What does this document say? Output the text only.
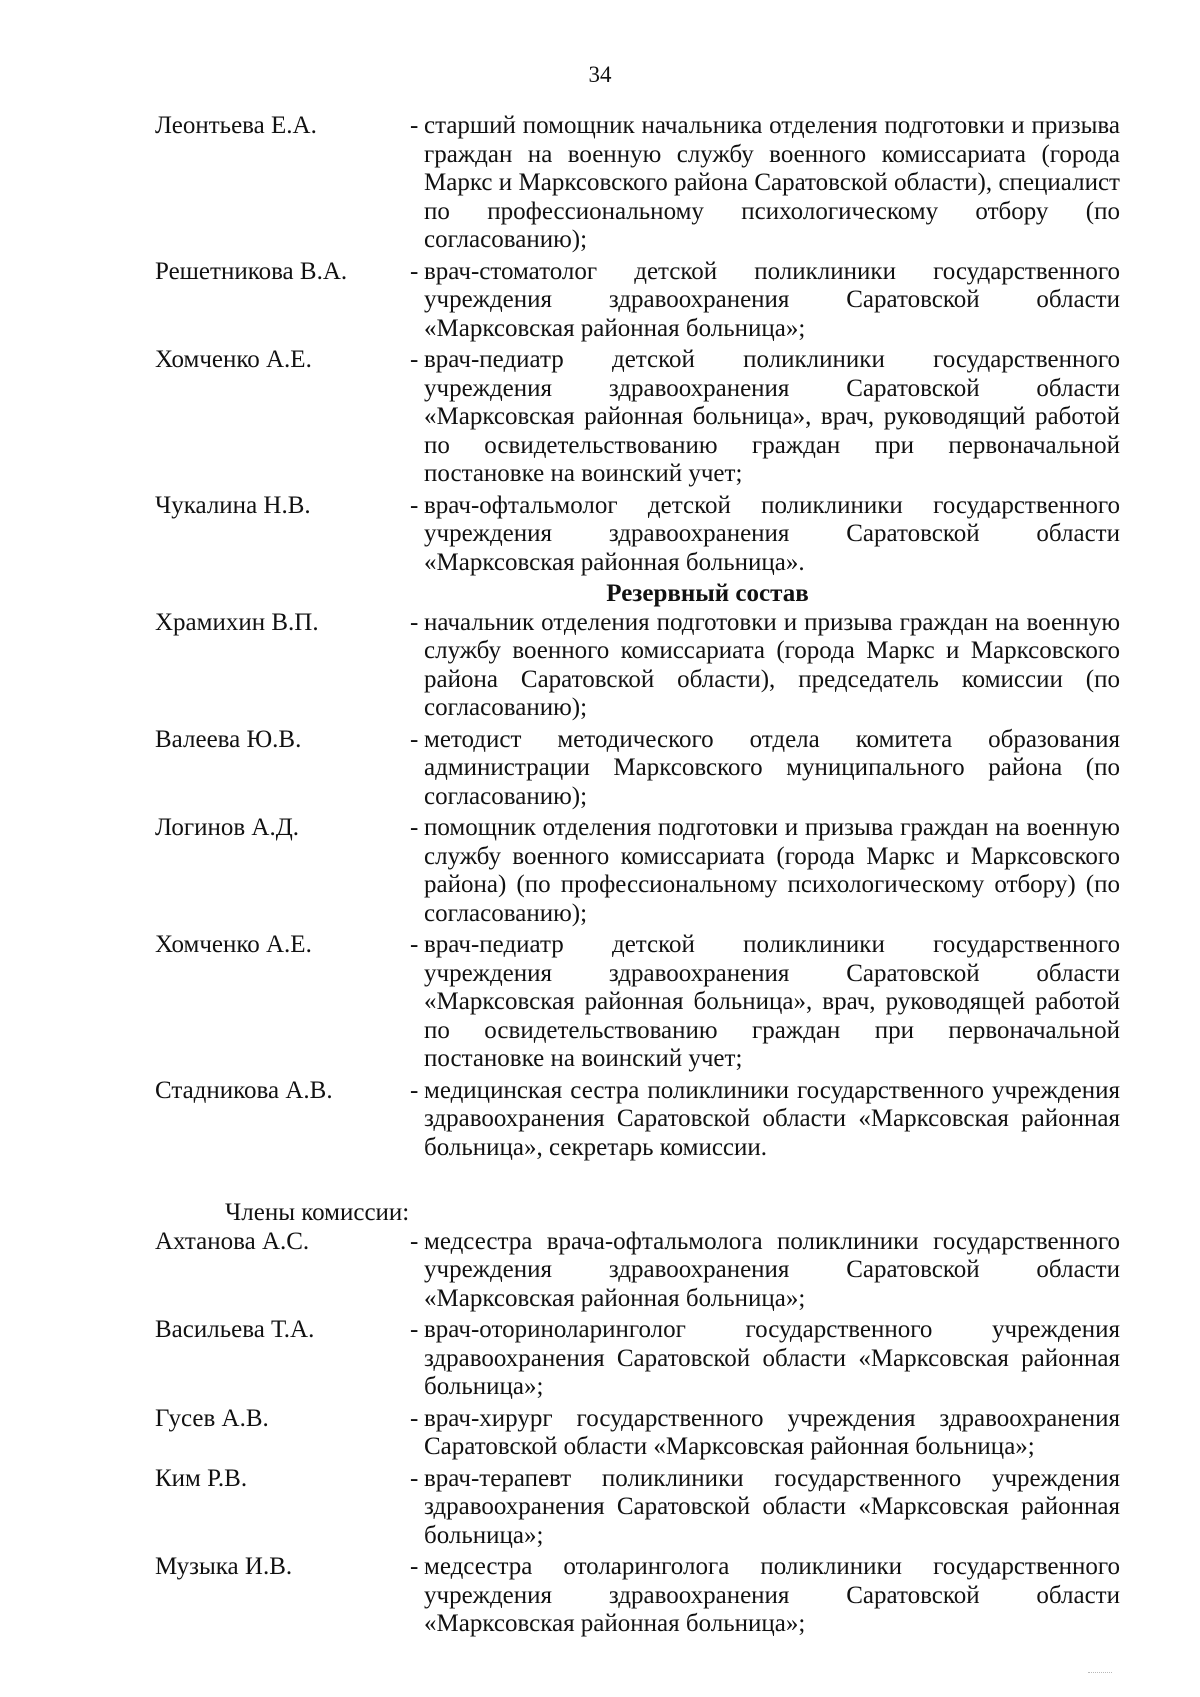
34
Леонтьева Е.А.	- старший помощник начальника отделения подготовки и призыва граждан на военную службу военного комиссариата (города Маркс и Марксовского района Саратовской области), специалист по профессиональному психологическому отбору (по согласованию);
Решетникова В.А.	- врач-стоматолог детской поликлиники государственного учреждения здравоохранения Саратовской области «Марксовская районная больница»;
Хомченко А.Е.	- врач-педиатр детской поликлиники государственного учреждения здравоохранения Саратовской области «Марксовская районная больница», врач, руководящий работой по освидетельствованию граждан при первоначальной постановке на воинский учет;
Чукалина Н.В.	- врач-офтальмолог детской поликлиники государственного учреждения здравоохранения Саратовской области «Марксовская районная больница».
Резервный состав
Храмихин В.П.	- начальник отделения подготовки и призыва граждан на военную службу военного комиссариата (города Маркс и Марксовского района Саратовской области), председатель комиссии (по согласованию);
Валеева Ю.В.	- методист методического отдела комитета образования администрации Марксовского муниципального района (по согласованию);
Логинов А.Д.	- помощник отделения подготовки и призыва граждан на военную службу военного комиссариата (города Маркс и Марксовского района) (по профессиональному психологическому отбору) (по согласованию);
Хомченко А.Е.	- врач-педиатр детской поликлиники государственного учреждения здравоохранения Саратовской области «Марксовская районная больница», врач, руководящей работой по освидетельствованию граждан при первоначальной постановке на воинский учет;
Стадникова А.В.	- медицинская сестра поликлиники государственного учреждения здравоохранения Саратовской области «Марксовская районная больница», секретарь комиссии.
Члены комиссии:
Ахтанова А.С.	- медсестра врача-офтальмолога поликлиники государственного учреждения здравоохранения Саратовской области «Марксовская районная больница»;
Васильева Т.А.	- врач-оториноларинголог государственного учреждения здравоохранения Саратовской области «Марксовская районная больница»;
Гусев А.В.	- врач-хирург государственного учреждения здравоохранения Саратовской области «Марксовская районная больница»;
Ким Р.В.	- врач-терапевт поликлиники государственного учреждения здравоохранения Саратовской области «Марксовская районная больница»;
Музыка И.В.	- медсестра отоларинголога поликлиники государственного учреждения здравоохранения Саратовской области «Марксовская районная больница»;
